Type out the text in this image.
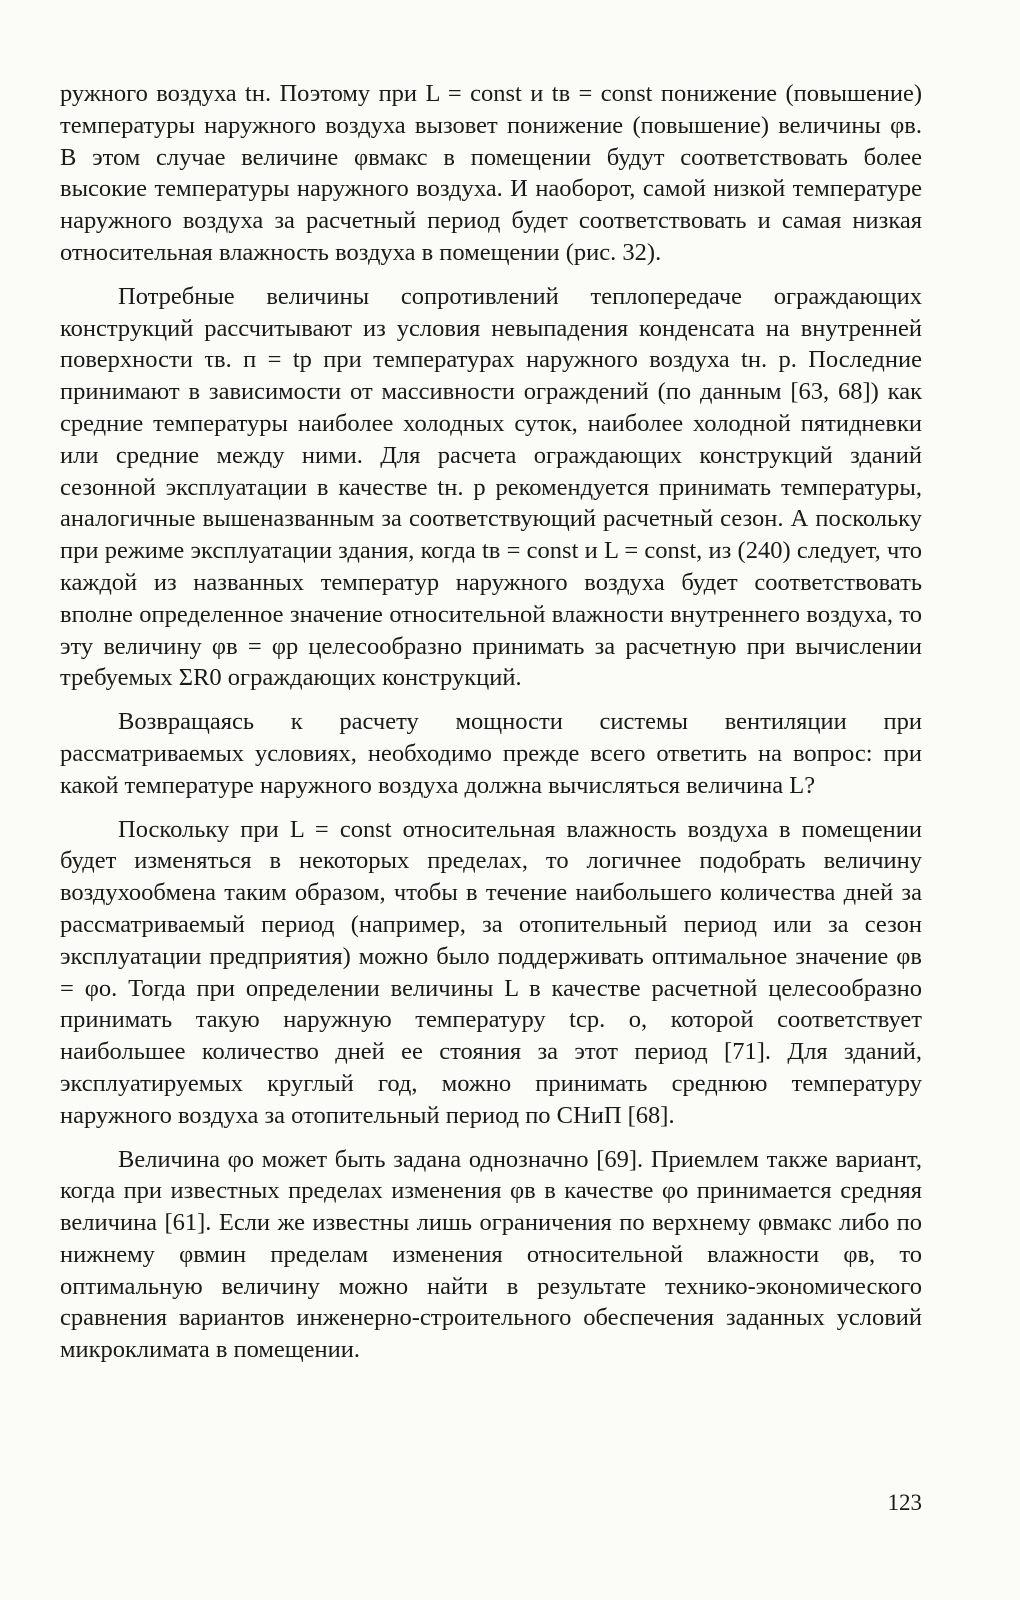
ружного воздуха tн. Поэтому при L = const и tв = const понижение (повышение) температуры наружного воздуха вызовет понижение (повышение) величины φв. В этом случае величине φвмакс в помещении будут соответствовать более высокие температуры наружного воздуха. И наоборот, самой низкой температуре наружного воздуха за расчетный период будет соответствовать и самая низкая относительная влажность воздуха в помещении (рис. 32).

Потребные величины сопротивлений теплопередаче ограждающих конструкций рассчитывают из условия невыпадения конденсата на внутренней поверхности τв. п = tр при температурах наружного воздуха tн. р. Последние принимают в зависимости от массивности ограждений (по данным [63, 68]) как средние температуры наиболее холодных суток, наиболее холодной пятидневки или средние между ними. Для расчета ограждающих конструкций зданий сезонной эксплуатации в качестве tн. р рекомендуется принимать температуры, аналогичные вышеназванным за соответствующий расчетный сезон. А поскольку при режиме эксплуатации здания, когда tв = const и L = const, из (240) следует, что каждой из названных температур наружного воздуха будет соответствовать вполне определенное значение относительной влажности внутреннего воздуха, то эту величину φв = φр целесообразно принимать за расчетную при вычислении требуемых ΣR0 ограждающих конструкций.

Возвращаясь к расчету мощности системы вентиляции при рассматриваемых условиях, необходимо прежде всего ответить на вопрос: при какой температуре наружного воздуха должна вычисляться величина L?

Поскольку при L = const относительная влажность воздуха в помещении будет изменяться в некоторых пределах, то логичнее подобрать величину воздухообмена таким образом, чтобы в течение наибольшего количества дней за рассматриваемый период (например, за отопительный период или за сезон эксплуатации предприятия) можно было поддерживать оптимальное значение φв = φо. Тогда при определении величины L в качестве расчетной целесообразно принимать такую наружную температуру tср. о, которой соответствует наибольшее количество дней ее стояния за этот период [71]. Для зданий, эксплуатируемых круглый год, можно принимать среднюю температуру наружного воздуха за отопительный период по СНиП [68].

Величина φо может быть задана однозначно [69]. Приемлем также вариант, когда при известных пределах изменения φв в качестве φо принимается средняя величина [61]. Если же известны лишь ограничения по верхнему φвмакс либо по нижнему φвмин пределам изменения относительной влажности φв, то оптимальную величину можно найти в результате технико-экономического сравнения вариантов инженерно-строительного обеспечения заданных условий микроклимата в помещении.

123
